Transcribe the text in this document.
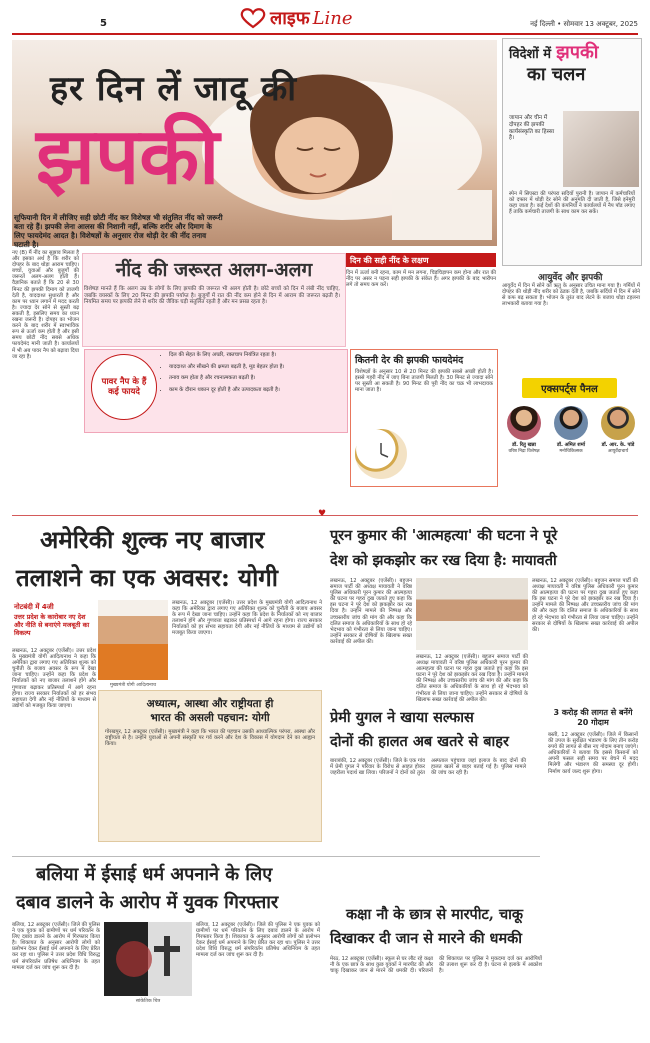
5	लाइफ Line	नई दिल्ली • सोमवार 13 अक्टूबर, 2025
हर दिन लें जादू की
झपकी
सूफियानी दिन में लीजिए सही छोटी नींद कर विशेषज्ञ भी संतुलित नींद को जरूरी बता रहे हैं। झपकी लेना आलस की निशानी नहीं, बल्कि शरीर और दिमाग के लिए फायदेमंद आदत है। विशेषज्ञों के अनुसार रोज थोड़ी देर की नींद तनाव घटाती है।
नए (B) मैं नींद का सुझाव मिलता है और इसका अर्थ है कि शरीर को दोपहर के बाद थोड़ा आराम चाहिए। बच्चों, युवाओं और बुजुर्गों की जरूरतें अलग-अलग होती हैं। वैज्ञानिक बताते हैं कि 20 से 30 मिनट की झपकी दिमाग को ताजगी देती है, याददाश्त सुधारती है और काम पर ध्यान लगाने में मदद करती है। ज्यादा देर सोने से सुस्ती बढ़ सकती है, इसलिए समय का ध्यान रखना जरूरी है। दोपहर का भोजन करने के बाद शरीर में स्वाभाविक रूप से ऊर्जा कम होती है और इसी समय छोटी नींद सबसे अधिक फायदेमंद मानी जाती है। कार्यालयों में भी अब पावर नैप को बढ़ावा दिया जा रहा है।
नींद की जरूरत अलग-अलग
विशेषज्ञ मानते हैं कि अलग उम्र के लोगों के लिए झपकी की जरूरत भी अलग होती है। छोटे बच्चों को दिन में लंबी नींद चाहिए, जबकि वयस्कों के लिए 20 मिनट की झपकी पर्याप्त है। बुजुर्गों में रात की नींद कम होने से दिन में आराम की जरूरत बढ़ती है। नियमित समय पर झपकी लेने से शरीर की जैविक घड़ी संतुलित रहती है और मन प्रसन्न रहता है।
दिन की सही नींद के लक्षण
दिन में ऊर्जा बनी रहना, काम में मन लगना, चिड़चिड़ापन कम होना और रात की नींद पर असर न पड़ना सही झपकी के संकेत हैं। अगर झपकी के बाद भारीपन लगे तो समय कम करें।
पावर नैप के हैं कई फायदे
• दिल की सेहत के लिए अच्छी, रक्तचाप नियंत्रित रहता है।
• याददाश्त और सीखने की क्षमता बढ़ती है, मूड बेहतर होता है।
• तनाव कम होता है और रचनात्मकता बढ़ती है।
• काम के दौरान थकान दूर होती है और उत्पादकता बढ़ती है।
कितनी देर की झपकी फायदेमंद
विशेषज्ञों के अनुसार 10 से 20 मिनट की झपकी सबसे अच्छी होती है। इससे गहरी नींद में जाए बिना ताजगी मिलती है। 30 मिनट से ज्यादा सोने पर सुस्ती आ सकती है। 90 मिनट की पूरी नींद का चक्र भी लाभदायक माना जाता है।
विदेशों में झपकी
का चलन
जापान और चीन में दोपहर की झपकी कार्यसंस्कृति का हिस्सा है।
स्पेन में सिएस्टा की परंपरा सदियों पुरानी है। जापान में कर्मचारियों को दफ्तर में थोड़ी देर सोने की अनुमति दी जाती है, जिसे इनेमुरी कहा जाता है। कई देशों की कंपनियों ने कार्यालयों में नैप पॉड लगाए हैं ताकि कर्मचारी ताजगी के साथ काम कर सकें।
आयुर्वेद और झपकी
आयुर्वेद में दिन में सोने को ऋतु के अनुसार उचित माना गया है। गर्मियों में दोपहर की थोड़ी नींद शरीर को ठंडक देती है, जबकि सर्दियों में दिन में सोने से कफ बढ़ सकता है। भोजन के तुरंत बाद लेटने के बजाय थोड़ा टहलना लाभकारी बताया गया है।
एक्सपर्ट्स पैनल
डॉ. रितु खन्ना
वरिष्ठ निद्रा विशेषज्ञ
डॉ. अमित शर्मा
मनोचिकित्सक
डॉ. आर. के. पांडे
आयुर्वेदाचार्य
♥
अमेरिकी शुल्क नए बाजार
तलाशने का एक अवसर: योगी
नोटबंदी में 4जी
उत्तर प्रदेश के कारोबार नए देश और नीति से बनाएंगे मजबूती का विकल्प
मुख्यमंत्री योगी आदित्यनाथ
लखनऊ, 12 अक्टूबर (एजेंसी)। उत्तर प्रदेश के मुख्यमंत्री योगी आदित्यनाथ ने कहा कि अमेरिका द्वारा लगाए गए अतिरिक्त शुल्क को चुनौती के बजाय अवसर के रूप में देखा जाना चाहिए। उन्होंने कहा कि प्रदेश के निर्यातकों को नए बाजार तलाशने होंगे और गुणवत्ता बढ़ाकर प्रतिस्पर्धा में आगे रहना होगा। राज्य सरकार निर्यातकों को हर संभव सहायता देगी और नई नीतियों के माध्यम से उद्योगों को मजबूत किया जाएगा।
लखनऊ, 12 अक्टूबर (एजेंसी)। उत्तर प्रदेश के मुख्यमंत्री योगी आदित्यनाथ ने कहा कि अमेरिका द्वारा लगाए गए अतिरिक्त शुल्क को चुनौती के बजाय अवसर के रूप में देखा जाना चाहिए। उन्होंने कहा कि प्रदेश के निर्यातकों को नए बाजार तलाशने होंगे और गुणवत्ता बढ़ाकर प्रतिस्पर्धा में आगे रहना होगा। राज्य सरकार निर्यातकों को हर संभव सहायता देगी और नई नीतियों के माध्यम से उद्योगों को मजबूत किया जाएगा।
अध्यात्म, आस्था और राष्ट्रीयता ही
भारत की असली पहचान: योगी
गोरखपुर, 12 अक्टूबर (एजेंसी)। मुख्यमंत्री ने कहा कि भारत की पहचान उसकी आध्यात्मिक परंपरा, आस्था और राष्ट्रीयता से है। उन्होंने युवाओं से अपनी संस्कृति पर गर्व करने और देश के विकास में योगदान देने का आह्वान किया।
पूरन कुमार की 'आत्महत्या' की घटना ने पूरे
देश को झकझोर कर रख दिया है: मायावती
लखनऊ, 12 अक्टूबर (एजेंसी)। बहुजन समाज पार्टी की अध्यक्ष मायावती ने वरिष्ठ पुलिस अधिकारी पूरन कुमार की आत्महत्या की घटना पर गहरा दुख जताते हुए कहा कि इस घटना ने पूरे देश को झकझोर कर रख दिया है। उन्होंने मामले की निष्पक्ष और उच्चस्तरीय जांच की मांग की और कहा कि दलित समाज के अधिकारियों के साथ हो रहे भेदभाव को गंभीरता से लिया जाना चाहिए। उन्होंने सरकार से दोषियों के खिलाफ सख्त कार्रवाई की अपील की।
लखनऊ, 12 अक्टूबर (एजेंसी)। बहुजन समाज पार्टी की अध्यक्ष मायावती ने वरिष्ठ पुलिस अधिकारी पूरन कुमार की आत्महत्या की घटना पर गहरा दुख जताते हुए कहा कि इस घटना ने पूरे देश को झकझोर कर रख दिया है। उन्होंने मामले की निष्पक्ष और उच्चस्तरीय जांच की मांग की और कहा कि दलित समाज के अधिकारियों के साथ हो रहे भेदभाव को गंभीरता से लिया जाना चाहिए। उन्होंने सरकार से दोषियों के खिलाफ सख्त कार्रवाई की अपील की।
लखनऊ, 12 अक्टूबर (एजेंसी)। बहुजन समाज पार्टी की अध्यक्ष मायावती ने वरिष्ठ पुलिस अधिकारी पूरन कुमार की आत्महत्या की घटना पर गहरा दुख जताते हुए कहा कि इस घटना ने पूरे देश को झकझोर कर रख दिया है। उन्होंने मामले की निष्पक्ष और उच्चस्तरीय जांच की मांग की और कहा कि दलित समाज के अधिकारियों के साथ हो रहे भेदभाव को गंभीरता से लिया जाना चाहिए। उन्होंने सरकार से दोषियों के खिलाफ सख्त कार्रवाई की अपील की।
प्रेमी युगल ने खाया सल्फास
दोनों की हालत अब खतरे से बाहर
बाराबंकी, 12 अक्टूबर (एजेंसी)। जिले के एक गांव में प्रेमी युगल ने परिवार के विरोध से आहत होकर जहरीला पदार्थ खा लिया। परिजनों ने दोनों को तुरंत अस्पताल पहुंचाया जहां इलाज के बाद दोनों की हालत खतरे से बाहर बताई गई है। पुलिस मामले की जांच कर रही है।
3 करोड़ की लागत से बनेंगे 20 गोदाम
बस्ती, 12 अक्टूबर (एजेंसी)। जिले में किसानों की उपज के सुरक्षित भंडारण के लिए तीन करोड़ रुपये की लागत से बीस नए गोदाम बनाए जाएंगे। अधिकारियों ने बताया कि इससे किसानों को अपनी फसल सही समय पर बेचने में मदद मिलेगी और भंडारण की समस्या दूर होगी। निर्माण कार्य जल्द शुरू होगा।
बलिया में ईसाई धर्म अपनाने के लिए
दबाव डालने के आरोप में युवक गिरफ्तार
बलिया, 12 अक्टूबर (एजेंसी)। जिले की पुलिस ने एक युवक को ग्रामीणों पर धर्म परिवर्तन के लिए दबाव डालने के आरोप में गिरफ्तार किया है। शिकायत के अनुसार आरोपी लोगों को प्रलोभन देकर ईसाई धर्म अपनाने के लिए प्रेरित कर रहा था। पुलिस ने उत्तर प्रदेश विधि विरुद्ध धर्म संपरिवर्तन प्रतिषेध अधिनियम के तहत मामला दर्ज कर जांच शुरू कर दी है।
सांकेतिक चित्र
बलिया, 12 अक्टूबर (एजेंसी)। जिले की पुलिस ने एक युवक को ग्रामीणों पर धर्म परिवर्तन के लिए दबाव डालने के आरोप में गिरफ्तार किया है। शिकायत के अनुसार आरोपी लोगों को प्रलोभन देकर ईसाई धर्म अपनाने के लिए प्रेरित कर रहा था। पुलिस ने उत्तर प्रदेश विधि विरुद्ध धर्म संपरिवर्तन प्रतिषेध अधिनियम के तहत मामला दर्ज कर जांच शुरू कर दी है।
कक्षा नौ के छात्र से मारपीट, चाकू
दिखाकर दी जान से मारने की धमकी
मेरठ, 12 अक्टूबर (एजेंसी)। स्कूल से घर लौट रहे कक्षा नौ के एक छात्र के साथ कुछ युवकों ने मारपीट की और चाकू दिखाकर जान से मारने की धमकी दी। परिजनों की शिकायत पर पुलिस ने मुकदमा दर्ज कर आरोपियों की तलाश शुरू कर दी है। घटना से इलाके में आक्रोश है।
